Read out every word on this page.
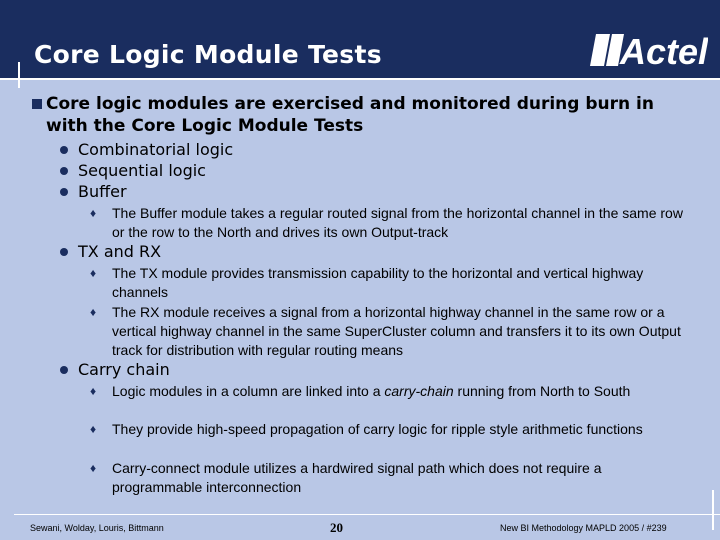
Core Logic Module Tests	Actel
Core logic modules are exercised and monitored during burn in with the Core Logic Module Tests
Combinatorial logic
Sequential logic
Buffer
♦	The Buffer module takes a regular routed signal from the horizontal channel in the same row or the row to the North and drives its own Output-track
TX and RX
♦	The TX module provides transmission capability to the horizontal and vertical highway channels
♦	The RX module receives a signal from a horizontal highway channel in the same row or a vertical highway channel in the same SuperCluster column and transfers it to its own Output track for distribution with regular routing means
Carry chain
♦	Logic modules in a column are linked into a carry-chain running from North to South
♦	They provide high-speed propagation of carry logic for ripple style arithmetic functions
♦	Carry-connect module utilizes a hardwired signal path which does not require a programmable interconnection
Sewani, Wolday, Louris, Bittmann	20	New BI Methodology MAPLD 2005 / #239
